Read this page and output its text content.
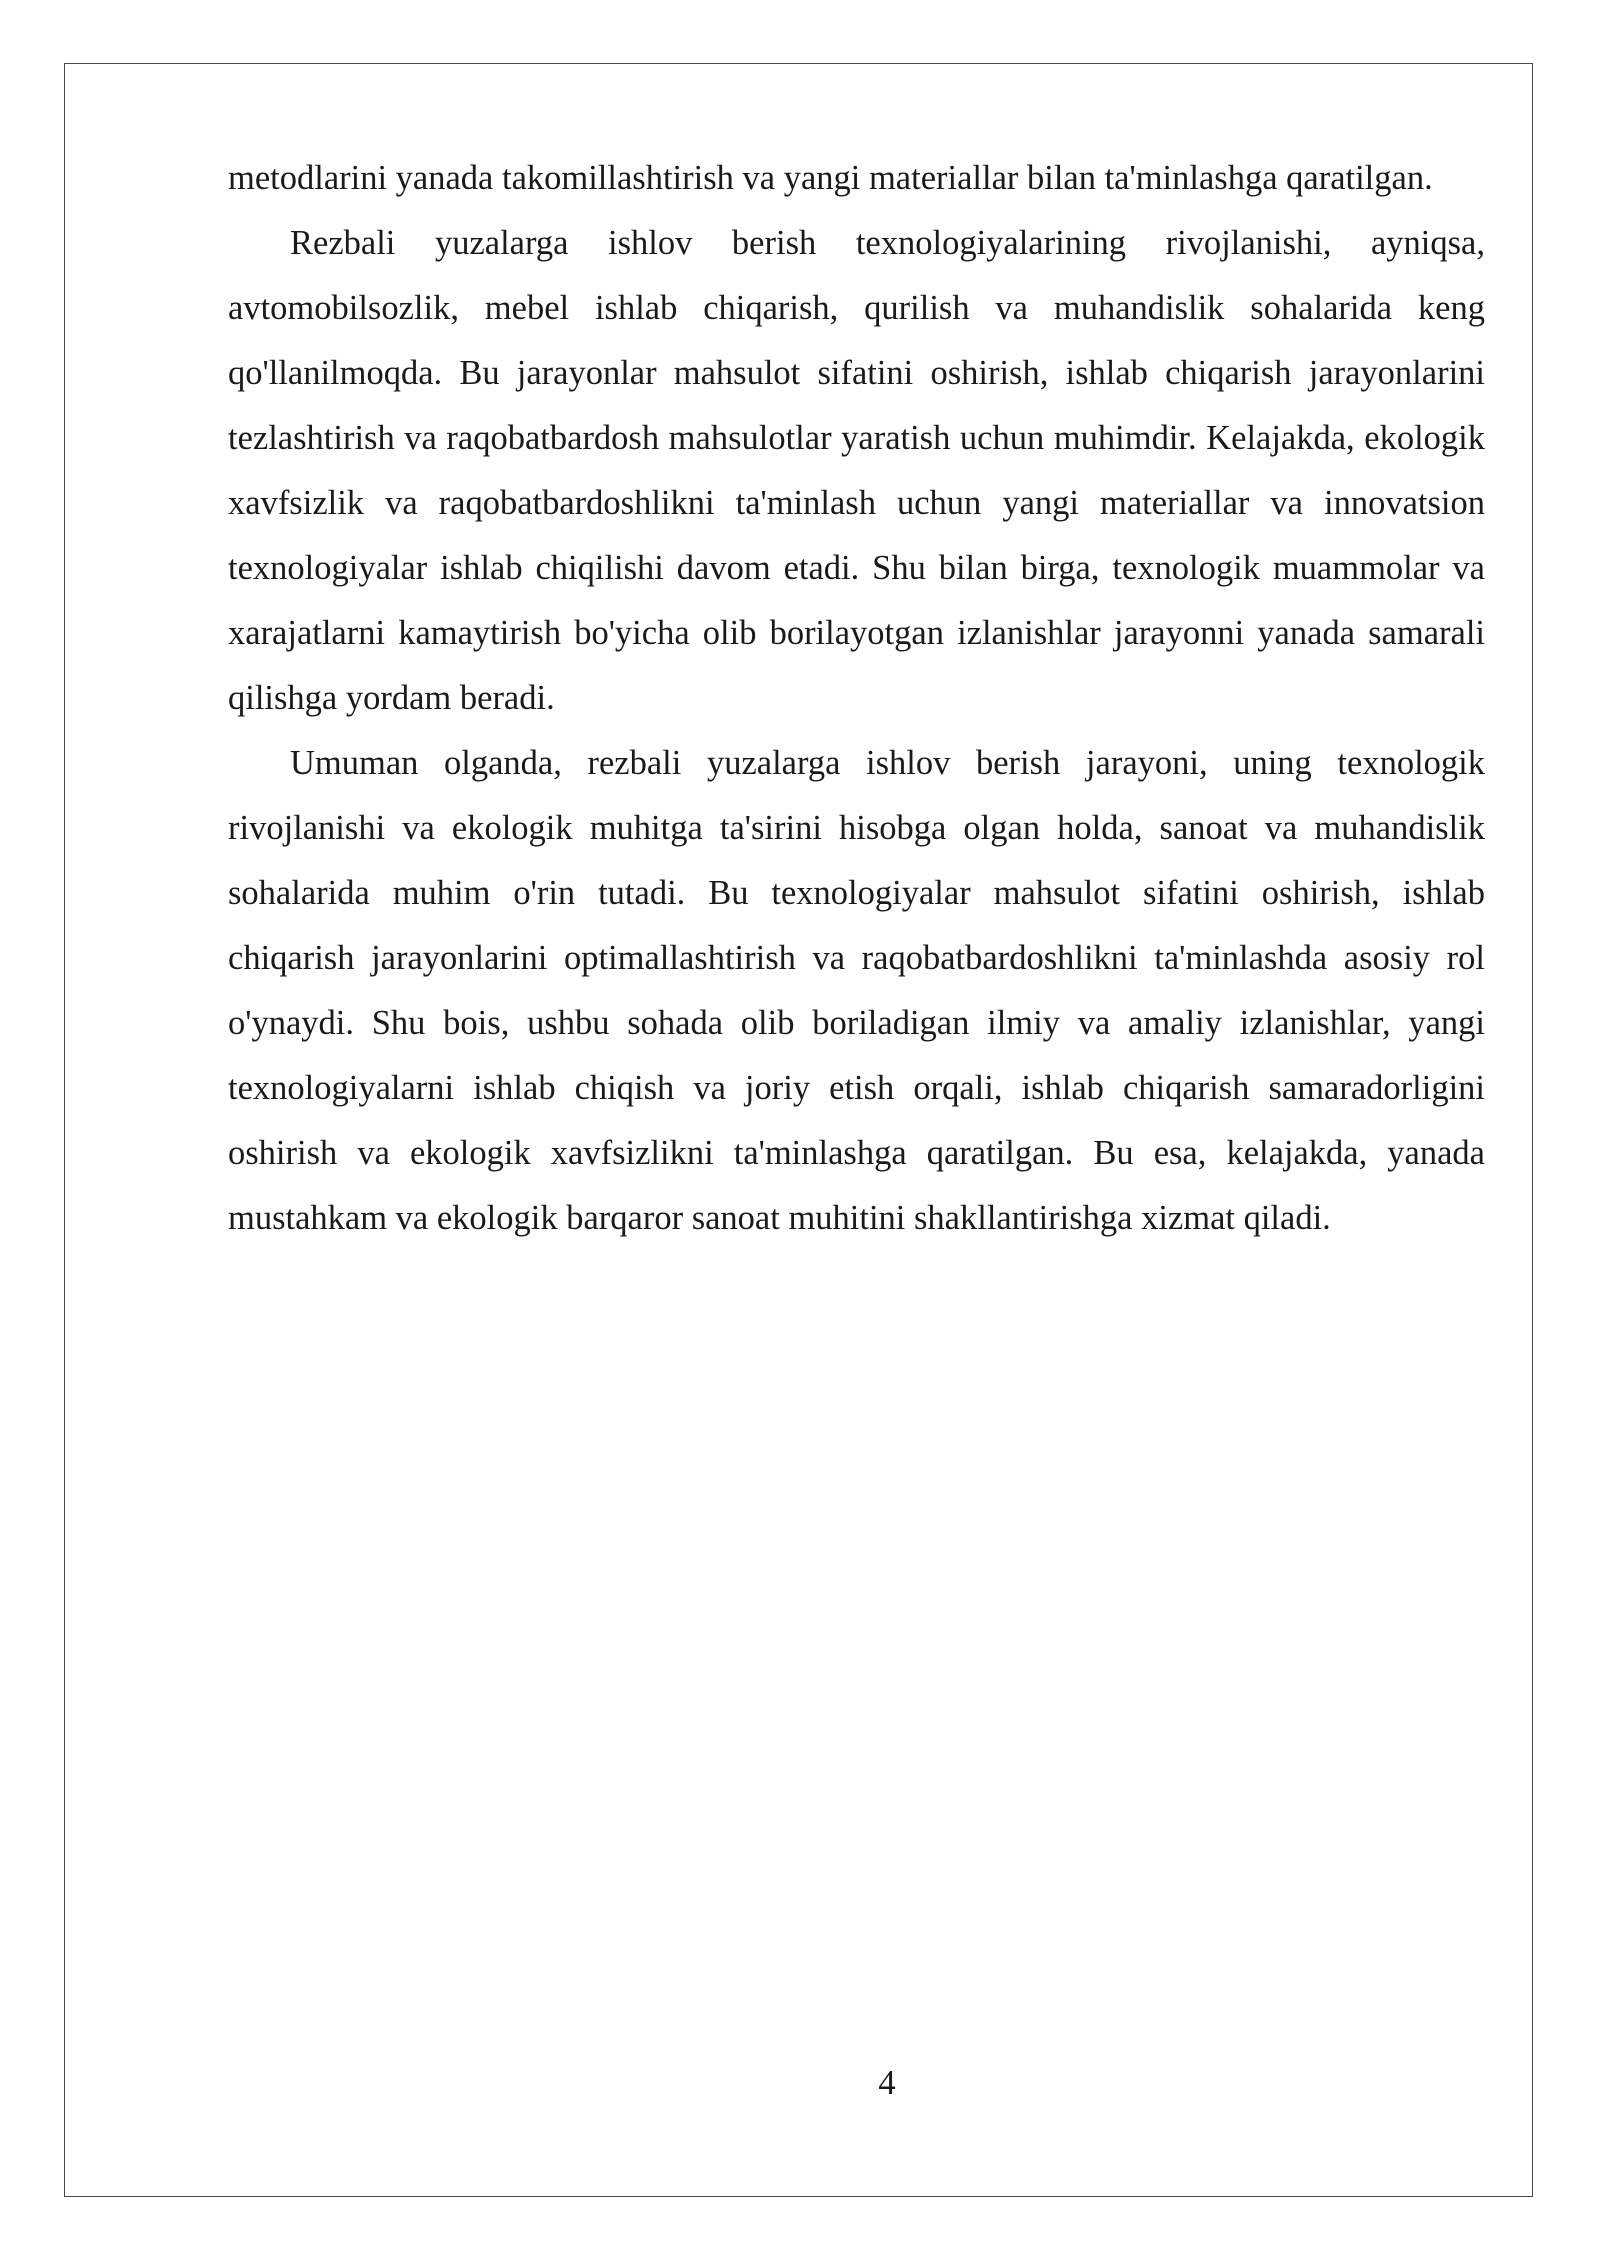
metodlarini yanada takomillashtirish va yangi materiallar bilan ta'minlashga qaratilgan.

Rezbali yuzalarga ishlov berish texnologiyalarining rivojlanishi, ayniqsa, avtomobilsozlik, mebel ishlab chiqarish, qurilish va muhandislik sohalarida keng qo'llanilmoqda. Bu jarayonlar mahsulot sifatini oshirish, ishlab chiqarish jarayonlarini tezlashtirish va raqobatbardosh mahsulotlar yaratish uchun muhimdir. Kelajakda, ekologik xavfsizlik va raqobatbardoshlikni ta'minlash uchun yangi materiallar va innovatsion texnologiyalar ishlab chiqilishi davom etadi. Shu bilan birga, texnologik muammolar va xarajatlarni kamaytirish bo'yicha olib borilayotgan izlanishlar jarayonni yanada samarali qilishga yordam beradi.

Umuman olganda, rezbali yuzalarga ishlov berish jarayoni, uning texnologik rivojlanishi va ekologik muhitga ta'sirini hisobga olgan holda, sanoat va muhandislik sohalarida muhim o'rin tutadi. Bu texnologiyalar mahsulot sifatini oshirish, ishlab chiqarish jarayonlarini optimallashtirish va raqobatbardoshlikni ta'minlashda asosiy rol o'ynaydi. Shu bois, ushbu sohada olib boriladigan ilmiy va amaliy izlanishlar, yangi texnologiyalarni ishlab chiqish va joriy etish orqali, ishlab chiqarish samaradorligini oshirish va ekologik xavfsizlikni ta'minlashga qaratilgan. Bu esa, kelajakda, yanada mustahkam va ekologik barqaror sanoat muhitini shakllantirishga xizmat qiladi.

4
